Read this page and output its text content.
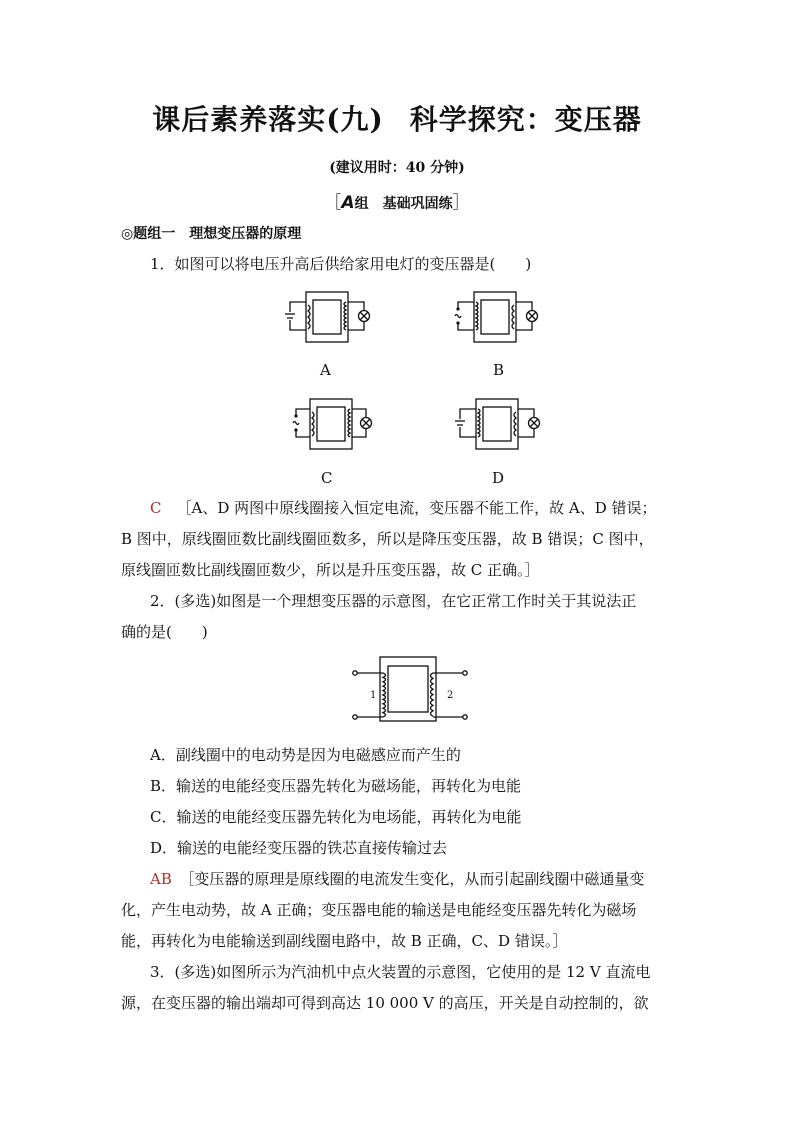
课后素养落实(九) 科学探究：变压器
(建议用时：40 分钟)
［A组　基础巩固练］
◎题组一　理想变压器的原理
1．如图可以将电压升高后供给家用电灯的变压器是(　　)
A	B
C	D
C  ［A、D 两图中原线圈接入恒定电流，变压器不能工作，故 A、D 错误；
B 图中，原线圈匝数比副线圈匝数多，所以是降压变压器，故 B 错误；C 图中，
原线圈匝数比副线圈匝数少，所以是升压变压器，故 C 正确。］
2．(多选)如图是一个理想变压器的示意图，在它正常工作时关于其说法正
确的是(　　)
1	2
A．副线圈中的电动势是因为电磁感应而产生的
B．输送的电能经变压器先转化为磁场能，再转化为电能
C．输送的电能经变压器先转化为电场能，再转化为电能
D．输送的电能经变压器的铁芯直接传输过去
AB  ［变压器的原理是原线圈的电流发生变化，从而引起副线圈中磁通量变
化，产生电动势，故 A 正确；变压器电能的输送是电能经变压器先转化为磁场
能，再转化为电能输送到副线圈电路中，故 B 正确，C、D 错误。］
3．(多选)如图所示为汽油机中点火装置的示意图，它使用的是 12 V 直流电
源，在变压器的输出端却可得到高达 10 000 V 的高压，开关是自动控制的，欲
